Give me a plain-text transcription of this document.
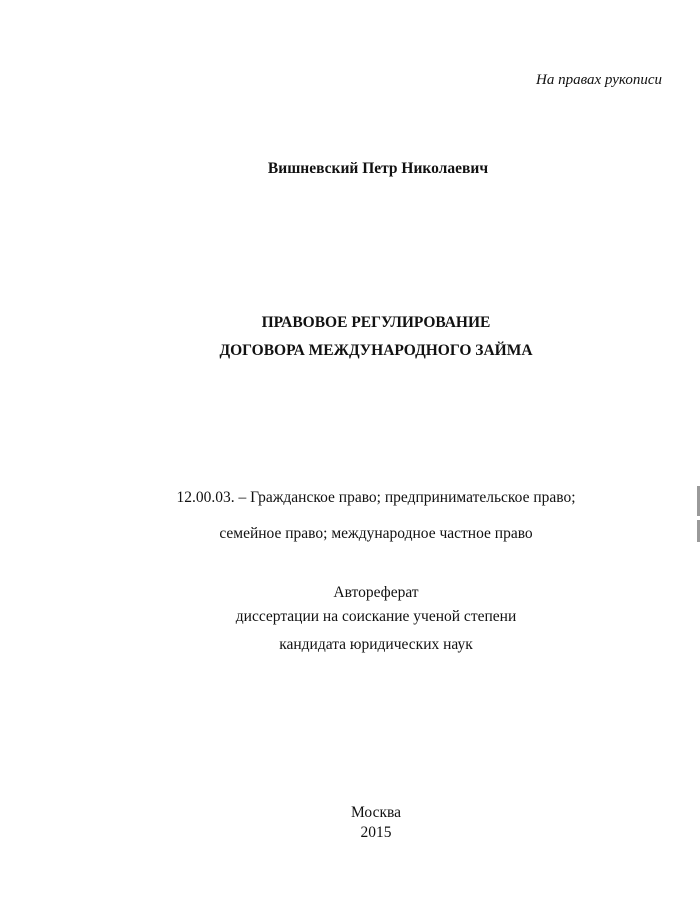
На правах рукописи
Вишневский Петр Николаевич
ПРАВОВОЕ РЕГУЛИРОВАНИЕ
ДОГОВОРА МЕЖДУНАРОДНОГО ЗАЙМА
12.00.03. – Гражданское право; предпринимательское право;
семейное право; международное частное право
Автореферат
диссертации на соискание ученой степени
кандидата юридических наук
Москва
2015
